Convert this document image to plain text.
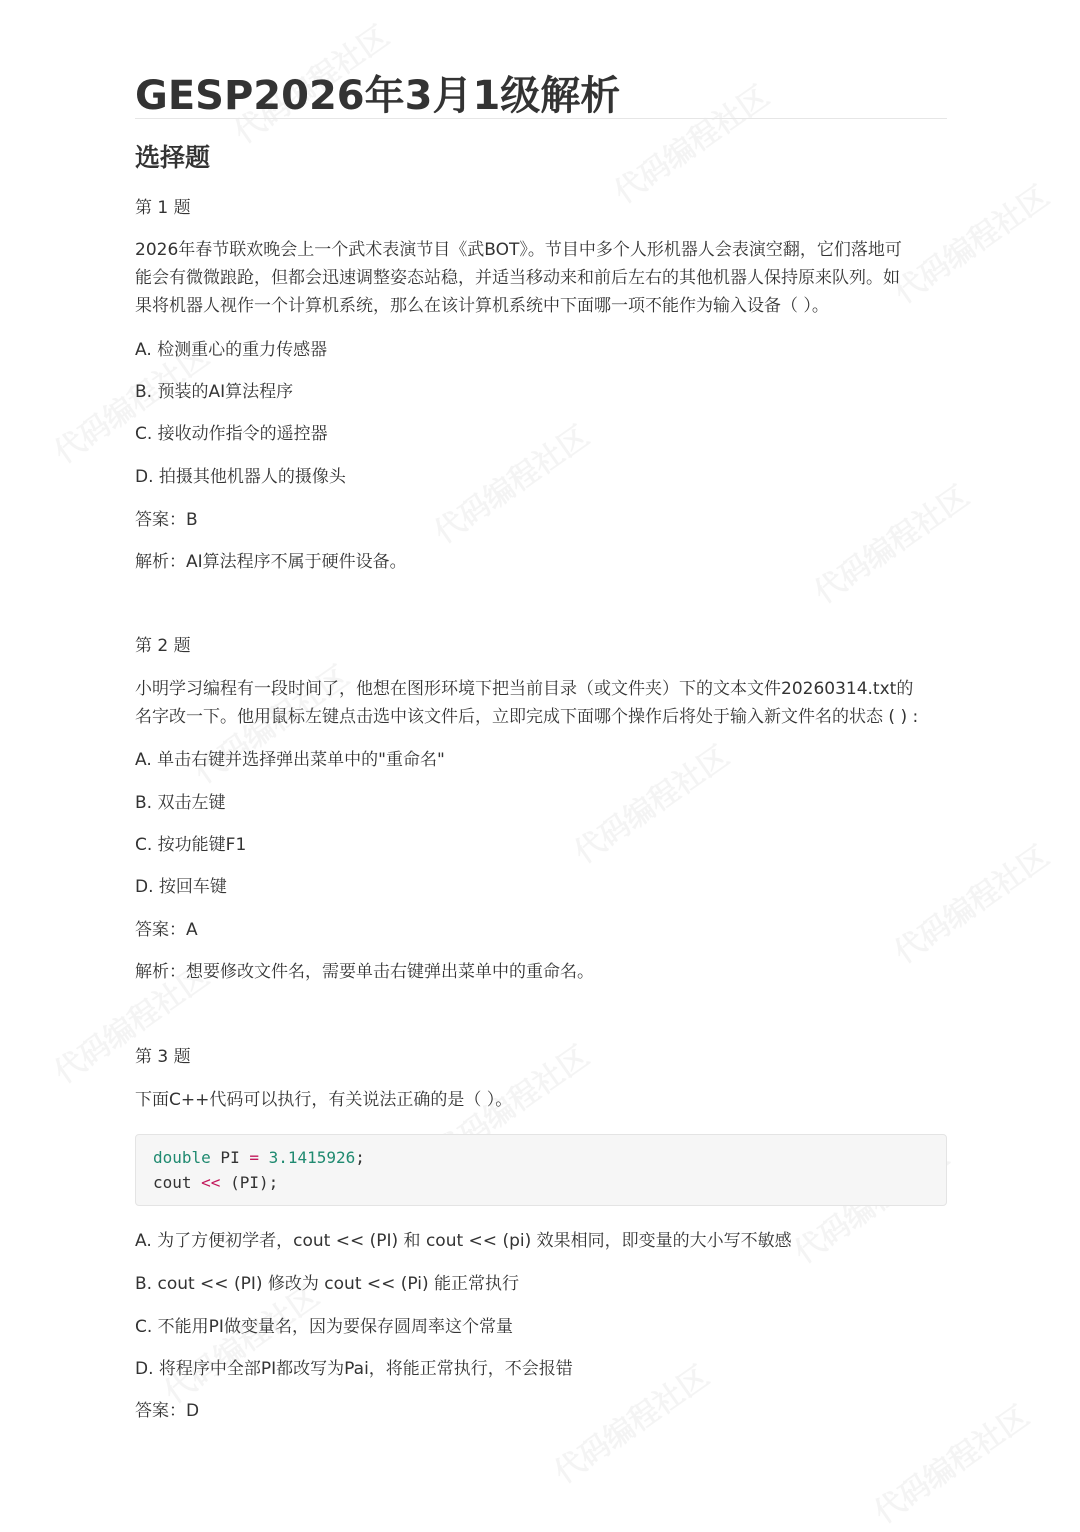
GESP2026年3月1级解析
选择题
第 1 题
2026年春节联欢晚会上一个武术表演节目《武BOT》。节目中多个人形机器人会表演空翻，它们落地可
能会有微微踉跄，但都会迅速调整姿态站稳，并适当移动来和前后左右的其他机器人保持原来队列。如
果将机器人视作一个计算机系统，那么在该计算机系统中下面哪一项不能作为输入设备（ ）。
A. 检测重心的重力传感器
B. 预装的AI算法程序
C. 接收动作指令的遥控器
D. 拍摄其他机器人的摄像头
答案：B
解析：AI算法程序不属于硬件设备。
第 2 题
小明学习编程有一段时间了，他想在图形环境下把当前目录（或文件夹）下的文本文件20260314.txt的
名字改一下。他用鼠标左键点击选中该文件后，立即完成下面哪个操作后将处于输入新文件名的状态 ( ) :
A. 单击右键并选择弹出菜单中的"重命名"
B. 双击左键
C. 按功能键F1
D. 按回车键
答案：A
解析：想要修改文件名，需要单击右键弹出菜单中的重命名。
第 3 题
下面C++代码可以执行，有关说法正确的是（ ）。
double PI = 3.1415926;
cout << (PI);
A. 为了方便初学者，cout << (PI) 和 cout << (pi) 效果相同，即变量的大小写不敏感
B. cout << (PI) 修改为 cout << (Pi) 能正常执行
C. 不能用PI做变量名，因为要保存圆周率这个常量
D. 将程序中全部PI都改写为Pai，将能正常执行，不会报错
答案：D
